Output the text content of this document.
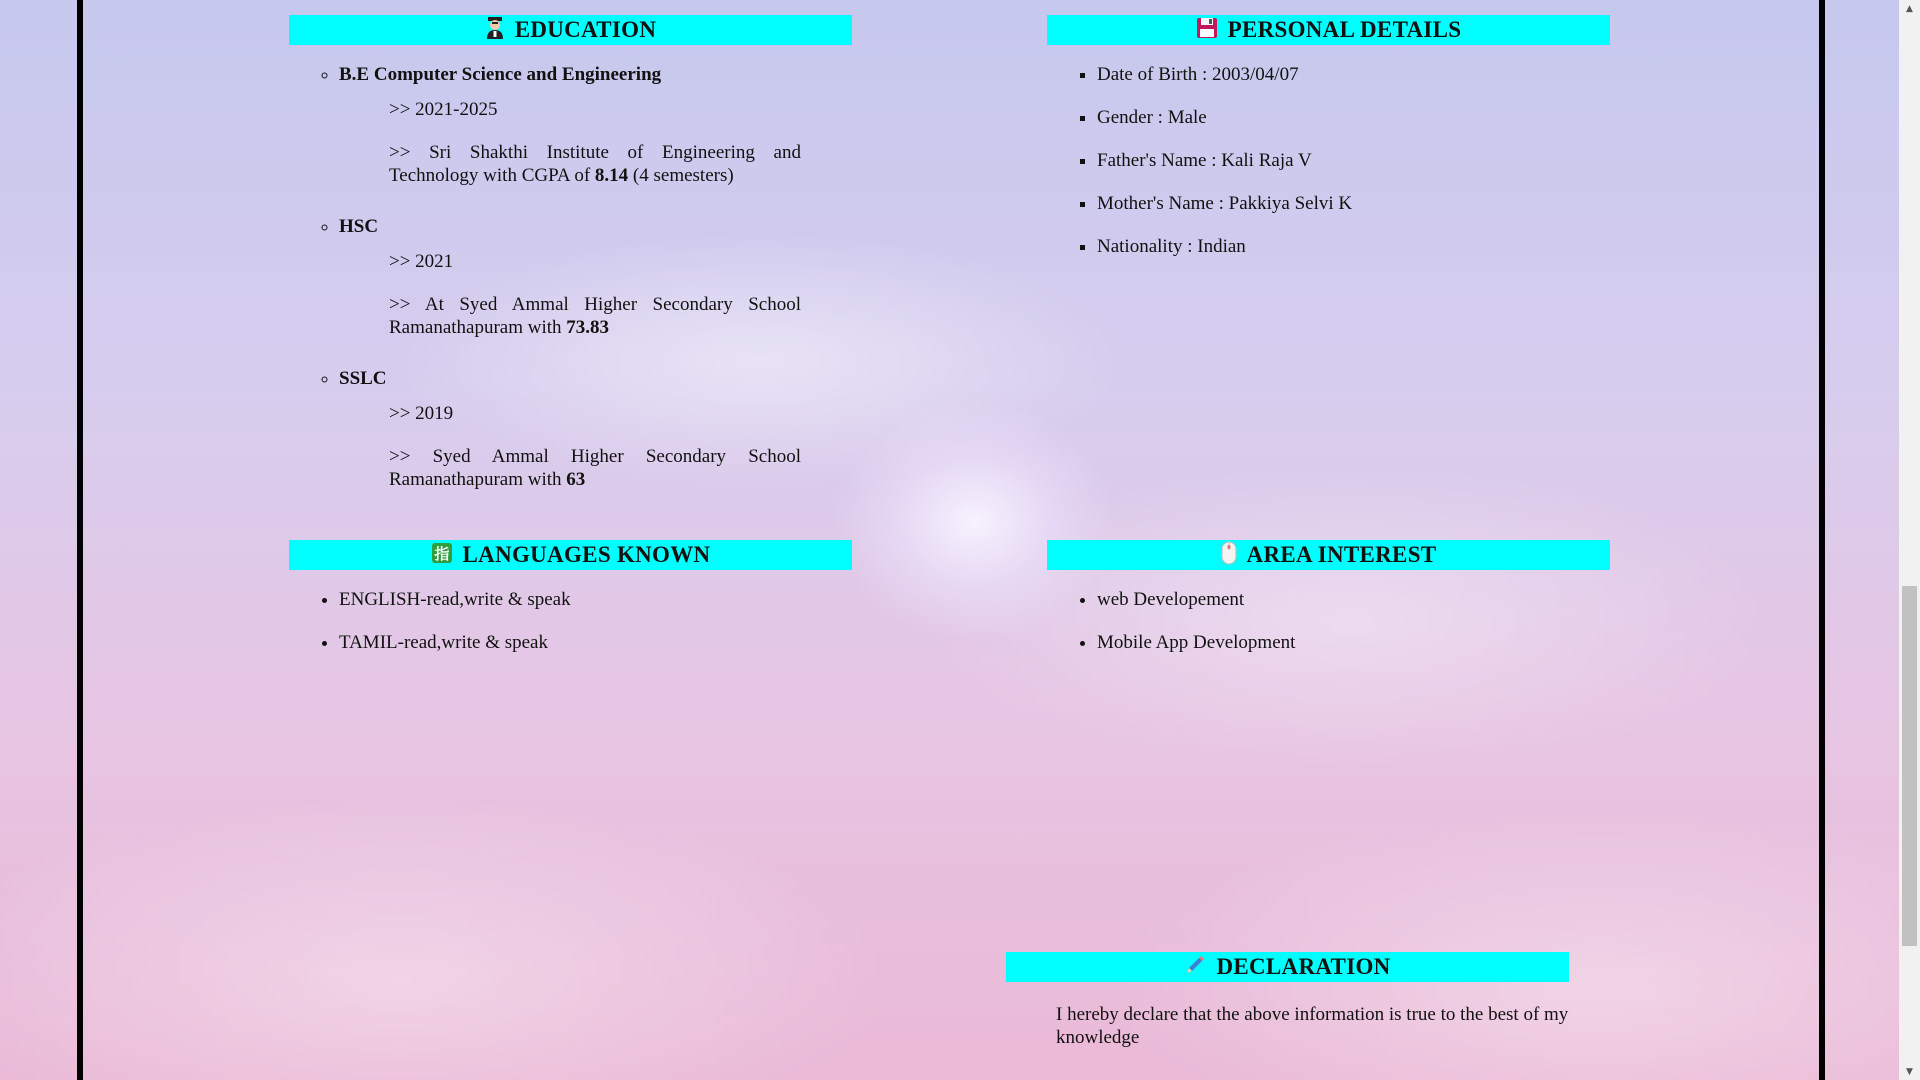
EDUCATION
◦ B.E Computer Science and Engineering
>> 2021-2025
>> Sri Shakthi Institute of Engineering and Technology with CGPA of 8.14 (4 semesters)
◦ HSC
>> 2021
>> At Syed Ammal Higher Secondary School Ramanathapuram with 73.83
◦ SSLC
>> 2019
>> Syed Ammal Higher Secondary School Ramanathapuram with 63
PERSONAL DETAILS
▪ Date of Birth : 2003/04/07
▪ Gender : Male
▪ Father's Name : Kali Raja V
▪ Mother's Name : Pakkiya Selvi K
▪ Nationality : Indian
指 LANGUAGES KNOWN
• ENGLISH-read,write & speak
• TAMIL-read,write & speak
AREA INTEREST
• web Developement
• Mobile App Development
DECLARATION
I hereby declare that the above information is true to the best of my knowledge
▲
▼
